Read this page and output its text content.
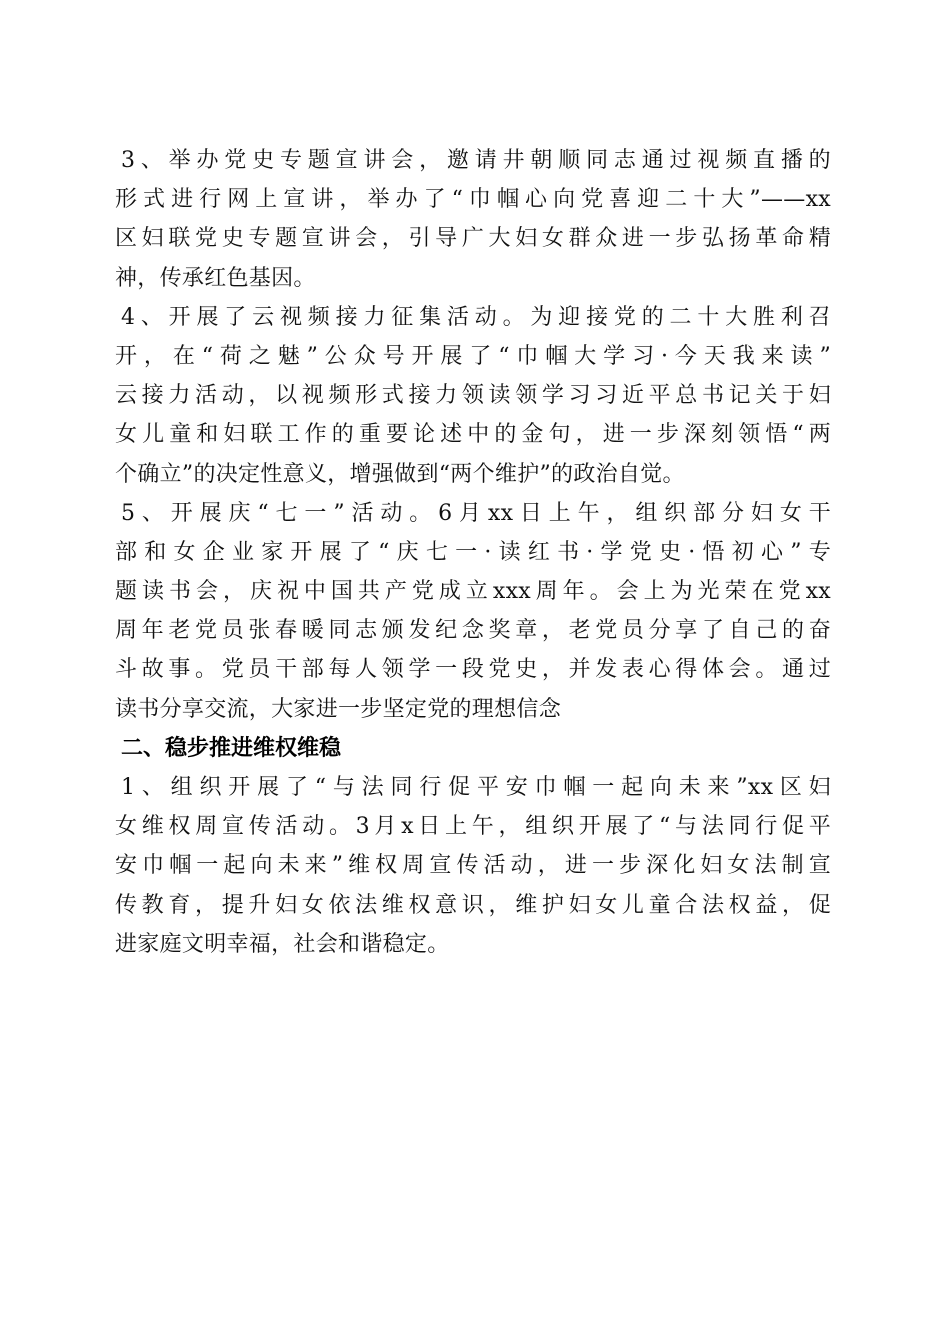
3、举办党史专题宣讲会，邀请井朝顺同志通过视频直播的
形式进行网上宣讲，举办了“巾帼心向党喜迎二十大”——xx
区妇联党史专题宣讲会，引导广大妇女群众进一步弘扬革命精
神，传承红色基因。
4、开展了云视频接力征集活动。为迎接党的二十大胜利召
开，在“荷之魅”公众号开展了“巾帼大学习·今天我来读”
云接力活动，以视频形式接力领读领学习习近平总书记关于妇
女儿童和妇联工作的重要论述中的金句，进一步深刻领悟“两
个确立”的决定性意义，增强做到“两个维护”的政治自觉。
5、开展庆“七一”活动。6月xx日上午，组织部分妇女干
部和女企业家开展了“庆七一·读红书·学党史·悟初心”专
题读书会，庆祝中国共产党成立xxx周年。会上为光荣在党xx
周年老党员张春暖同志颁发纪念奖章，老党员分享了自己的奋
斗故事。党员干部每人领学一段党史，并发表心得体会。通过
读书分享交流，大家进一步坚定党的理想信念
二、稳步推进维权维稳
1、组织开展了“与法同行促平安巾帼一起向未来”xx区妇
女维权周宣传活动。3月x日上午，组织开展了“与法同行促平
安巾帼一起向未来”维权周宣传活动，进一步深化妇女法制宣
传教育，提升妇女依法维权意识，维护妇女儿童合法权益，促
进家庭文明幸福，社会和谐稳定。
